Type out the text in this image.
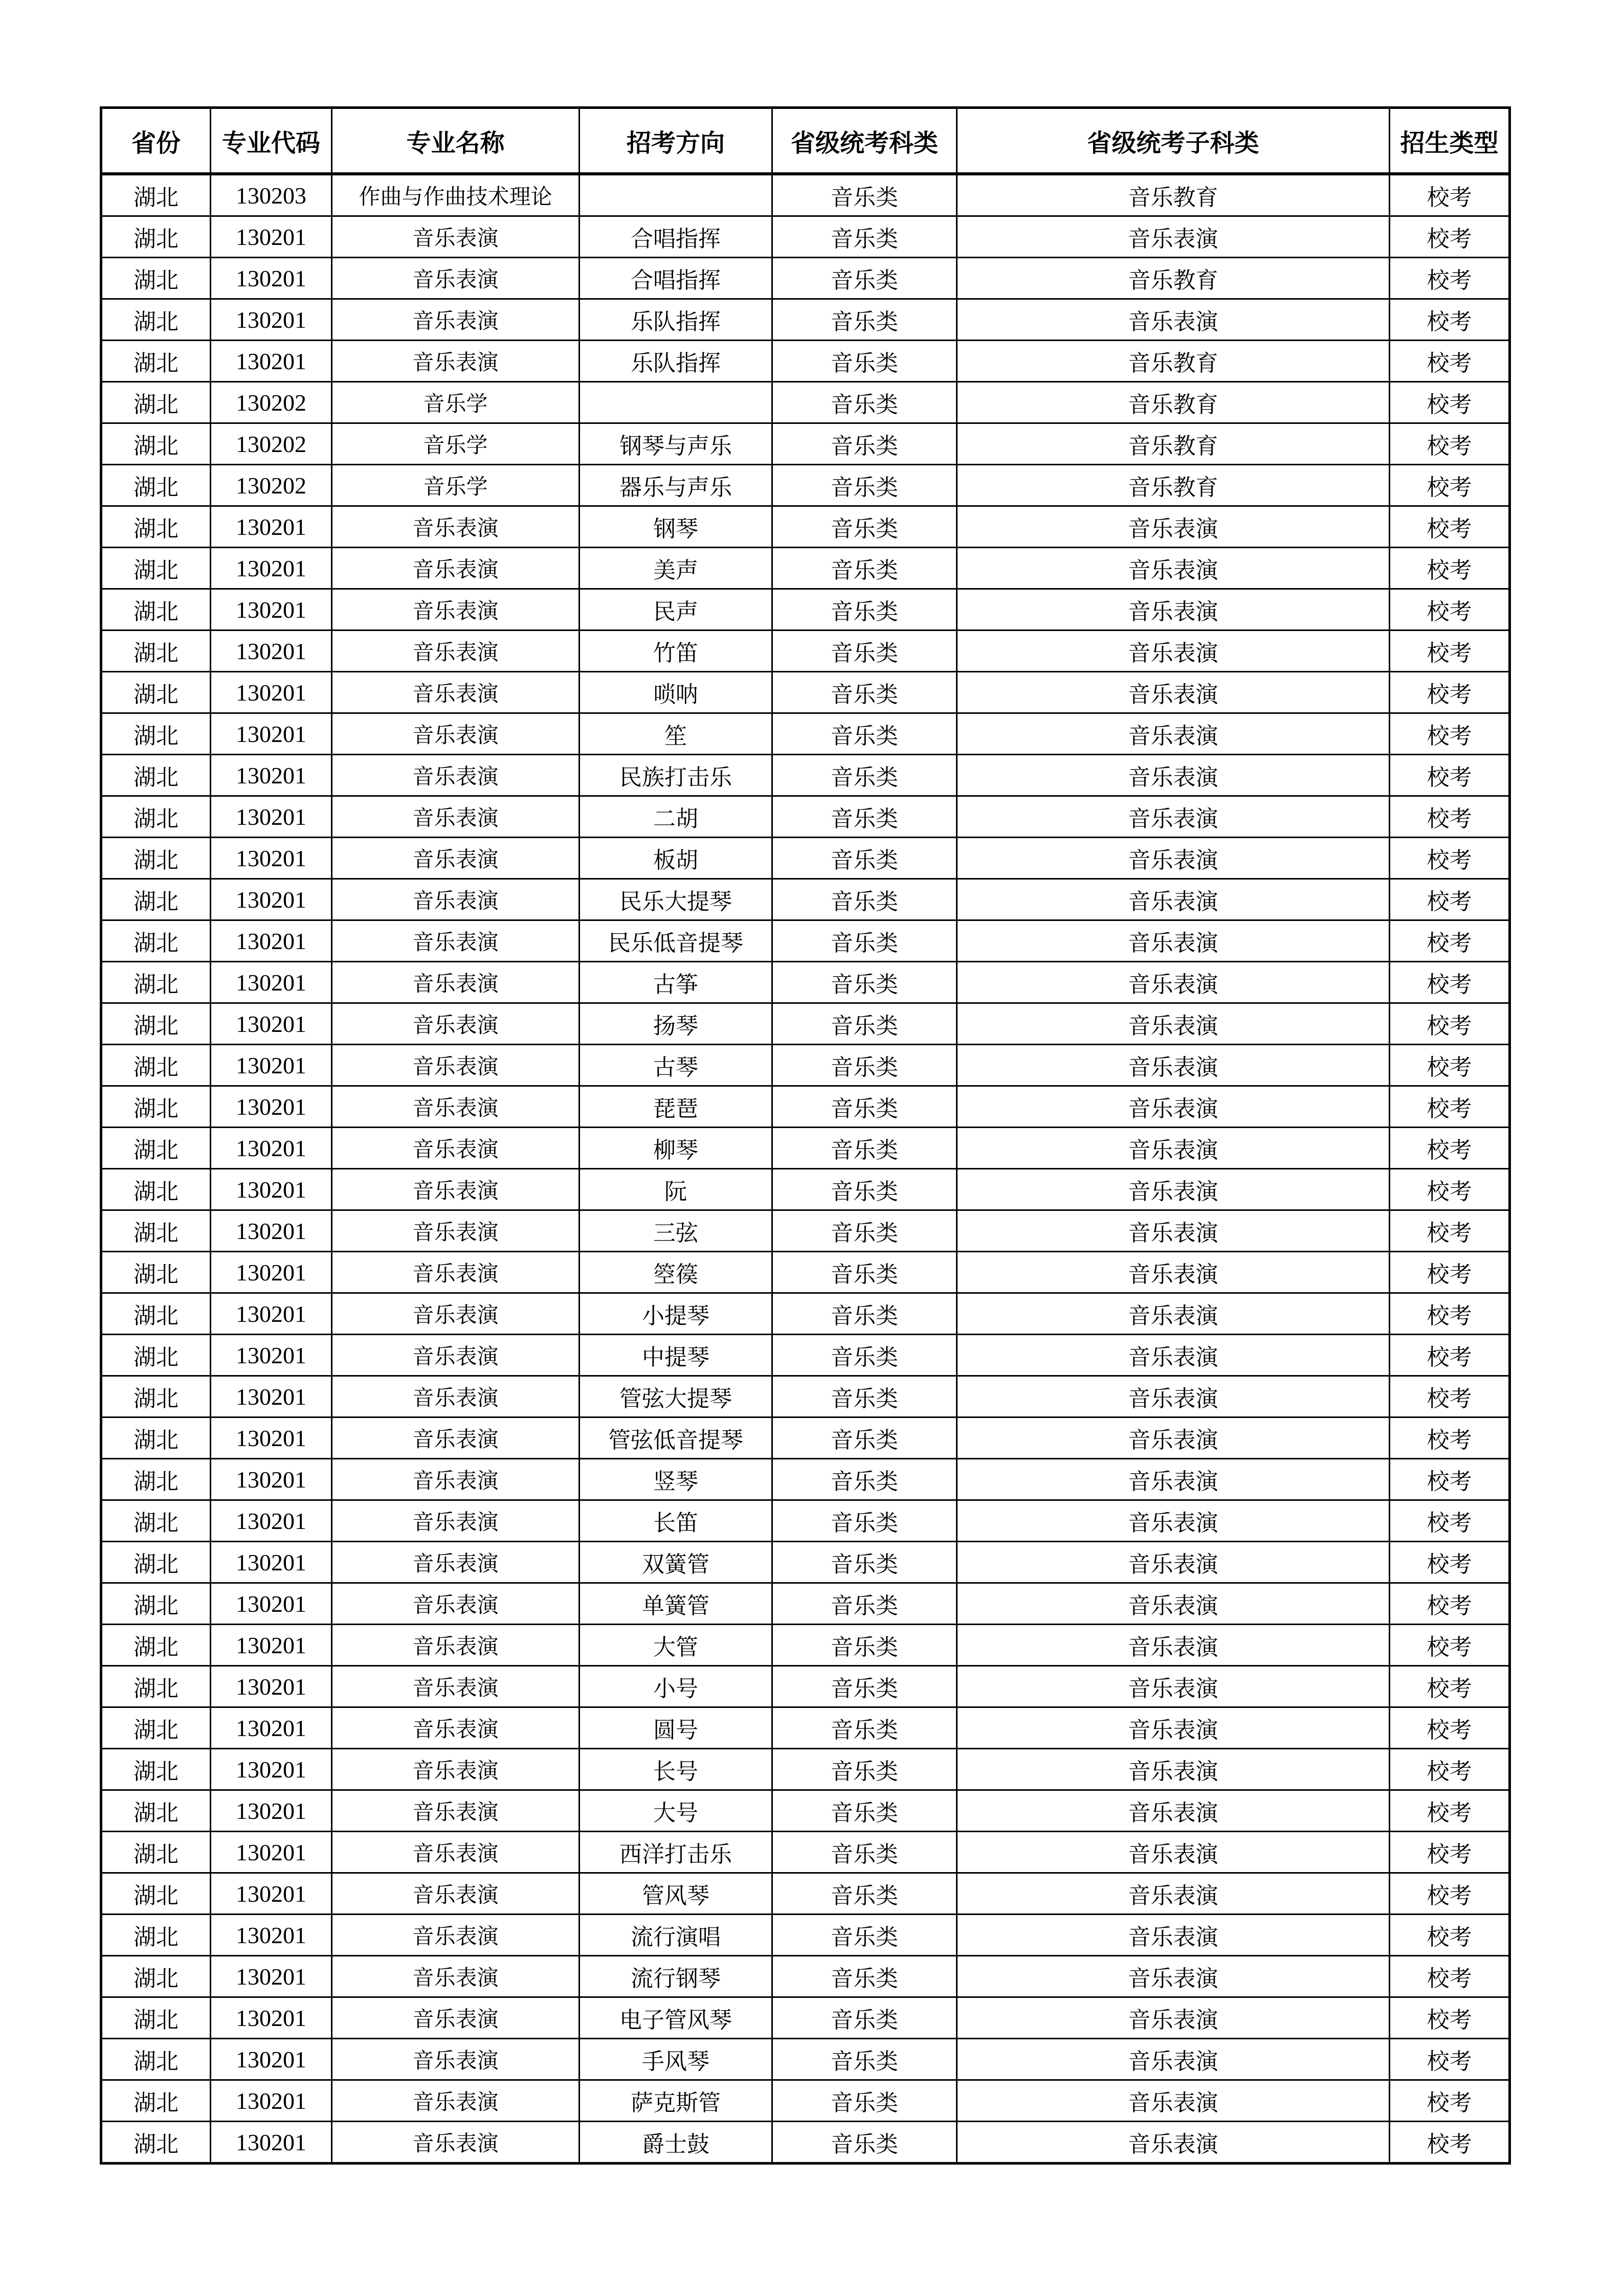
省份	专业代码	专业名称	招考方向	省级统考科类	省级统考子科类	招生类型
湖北	130203	作曲与作曲技术理论		音乐类	音乐教育	校考
湖北	130201	音乐表演	合唱指挥	音乐类	音乐表演	校考
湖北	130201	音乐表演	合唱指挥	音乐类	音乐教育	校考
湖北	130201	音乐表演	乐队指挥	音乐类	音乐表演	校考
湖北	130201	音乐表演	乐队指挥	音乐类	音乐教育	校考
湖北	130202	音乐学		音乐类	音乐教育	校考
湖北	130202	音乐学	钢琴与声乐	音乐类	音乐教育	校考
湖北	130202	音乐学	器乐与声乐	音乐类	音乐教育	校考
湖北	130201	音乐表演	钢琴	音乐类	音乐表演	校考
湖北	130201	音乐表演	美声	音乐类	音乐表演	校考
湖北	130201	音乐表演	民声	音乐类	音乐表演	校考
湖北	130201	音乐表演	竹笛	音乐类	音乐表演	校考
湖北	130201	音乐表演	唢呐	音乐类	音乐表演	校考
湖北	130201	音乐表演	笙	音乐类	音乐表演	校考
湖北	130201	音乐表演	民族打击乐	音乐类	音乐表演	校考
湖北	130201	音乐表演	二胡	音乐类	音乐表演	校考
湖北	130201	音乐表演	板胡	音乐类	音乐表演	校考
湖北	130201	音乐表演	民乐大提琴	音乐类	音乐表演	校考
湖北	130201	音乐表演	民乐低音提琴	音乐类	音乐表演	校考
湖北	130201	音乐表演	古筝	音乐类	音乐表演	校考
湖北	130201	音乐表演	扬琴	音乐类	音乐表演	校考
湖北	130201	音乐表演	古琴	音乐类	音乐表演	校考
湖北	130201	音乐表演	琵琶	音乐类	音乐表演	校考
湖北	130201	音乐表演	柳琴	音乐类	音乐表演	校考
湖北	130201	音乐表演	阮	音乐类	音乐表演	校考
湖北	130201	音乐表演	三弦	音乐类	音乐表演	校考
湖北	130201	音乐表演	箜篌	音乐类	音乐表演	校考
湖北	130201	音乐表演	小提琴	音乐类	音乐表演	校考
湖北	130201	音乐表演	中提琴	音乐类	音乐表演	校考
湖北	130201	音乐表演	管弦大提琴	音乐类	音乐表演	校考
湖北	130201	音乐表演	管弦低音提琴	音乐类	音乐表演	校考
湖北	130201	音乐表演	竖琴	音乐类	音乐表演	校考
湖北	130201	音乐表演	长笛	音乐类	音乐表演	校考
湖北	130201	音乐表演	双簧管	音乐类	音乐表演	校考
湖北	130201	音乐表演	单簧管	音乐类	音乐表演	校考
湖北	130201	音乐表演	大管	音乐类	音乐表演	校考
湖北	130201	音乐表演	小号	音乐类	音乐表演	校考
湖北	130201	音乐表演	圆号	音乐类	音乐表演	校考
湖北	130201	音乐表演	长号	音乐类	音乐表演	校考
湖北	130201	音乐表演	大号	音乐类	音乐表演	校考
湖北	130201	音乐表演	西洋打击乐	音乐类	音乐表演	校考
湖北	130201	音乐表演	管风琴	音乐类	音乐表演	校考
湖北	130201	音乐表演	流行演唱	音乐类	音乐表演	校考
湖北	130201	音乐表演	流行钢琴	音乐类	音乐表演	校考
湖北	130201	音乐表演	电子管风琴	音乐类	音乐表演	校考
湖北	130201	音乐表演	手风琴	音乐类	音乐表演	校考
湖北	130201	音乐表演	萨克斯管	音乐类	音乐表演	校考
湖北	130201	音乐表演	爵士鼓	音乐类	音乐表演	校考
